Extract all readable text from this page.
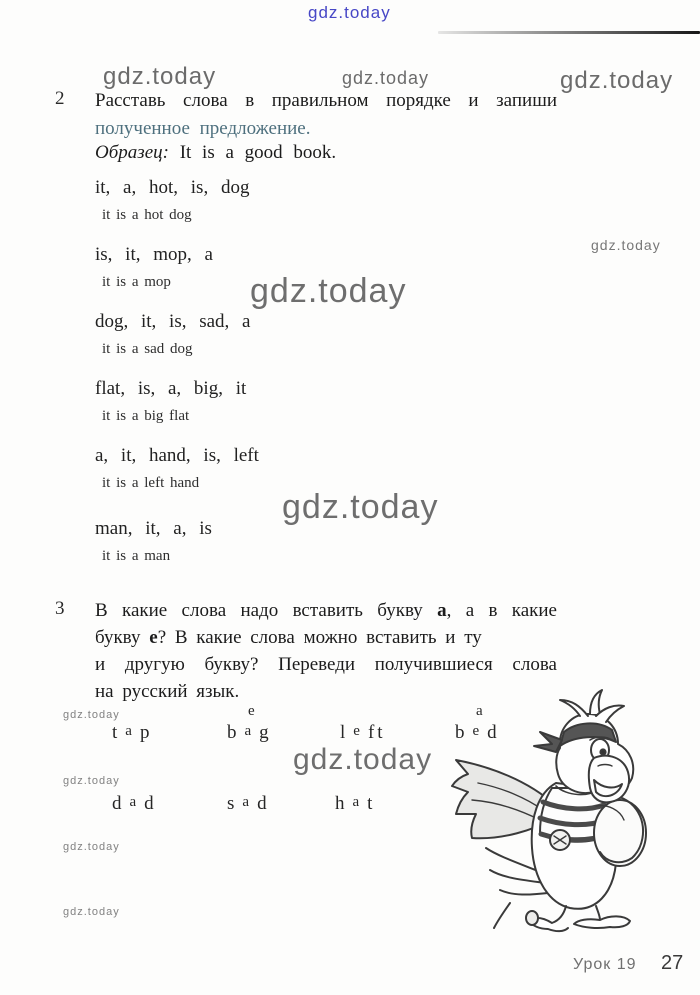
gdz.today
gdz.today	gdz.today	gdz.today
gdz.today
gdz.today
gdz.today
gdz.today
gdz.today
gdz.today
gdz.today
gdz.today
2 Расставь слова в правильном порядке и запиши
полученное предложение.
Образец: It is a good book.
it, a, hot, is, dog
it is a hot dog
is, it, mop, a
it is a mop
dog, it, is, sad, a
it is a sad dog
flat, is, a, big, it
it is a big flat
a, it, hand, is, left
it is a left hand
man, it, a, is
it is a man
3 В какие слова надо вставить букву a, а в какие
букву е? В какие слова можно вставить и ту
и другую букву? Переведи получившиеся слова
на русский язык.
t a p
e
b a g	l e ft
a
b e d
d a d	s a d	h a t
Урок 19 27
